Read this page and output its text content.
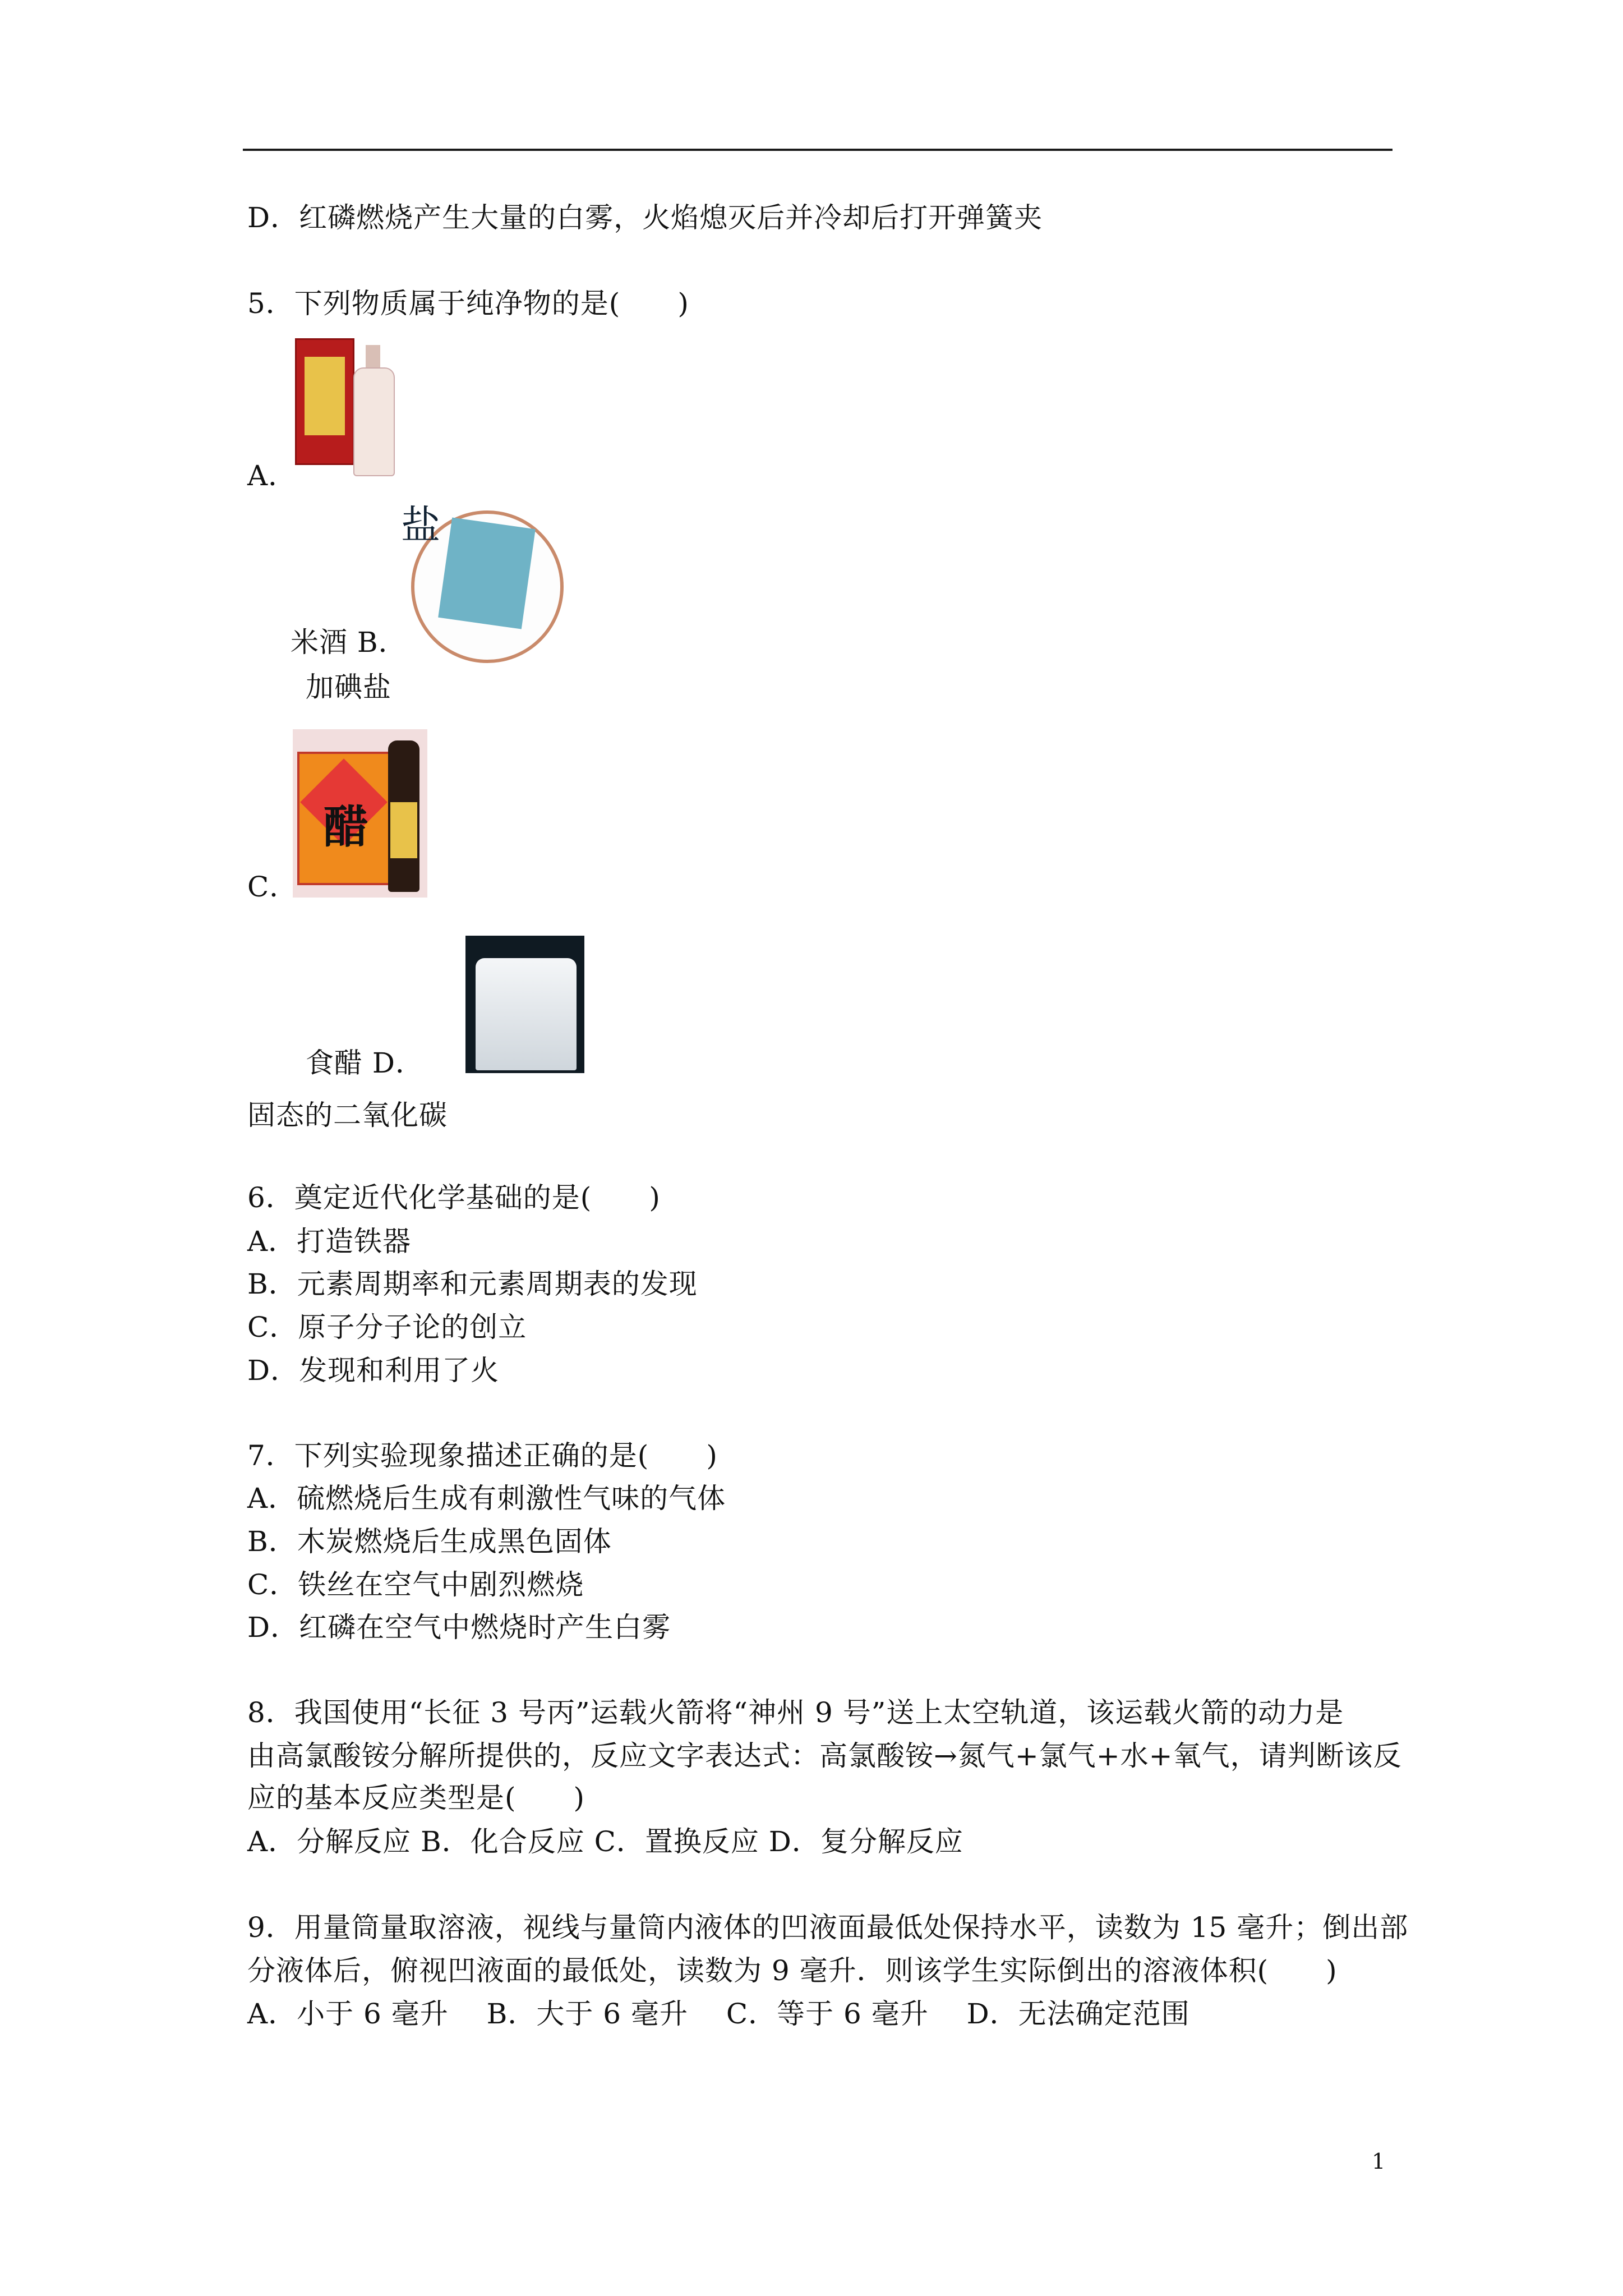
D．红磷燃烧产生大量的白雾，火焰熄灭后并冷却后打开弹簧夹
5．下列物质属于纯净物的是(　　)
A．
盐
米酒 B．
加碘盐
醋
C．
食醋 D．
固态的二氧化碳
6．奠定近代化学基础的是(　　)
A．打造铁器
B．元素周期率和元素周期表的发现
C．原子分子论的创立
D．发现和利用了火
7．下列实验现象描述正确的是(　　)
A．硫燃烧后生成有刺激性气味的气体
B．木炭燃烧后生成黑色固体
C．铁丝在空气中剧烈燃烧
D．红磷在空气中燃烧时产生白雾
8．我国使用“长征 3 号丙”运载火箭将“神州 9 号”送上太空轨道，该运载火箭的动力是
由高氯酸铵分解所提供的，反应文字表达式：高氯酸铵→氮气+氯气+水+氧气，请判断该反
应的基本反应类型是(　　)
A．分解反应 B．化合反应 C．置换反应 D．复分解反应
9．用量筒量取溶液，视线与量筒内液体的凹液面最低处保持水平，读数为 15 毫升；倒出部
分液体后，俯视凹液面的最低处，读数为 9 毫升．则该学生实际倒出的溶液体积(　　)
A．小于 6 毫升　 B．大于 6 毫升　 C．等于 6 毫升　 D．无法确定范围
1
